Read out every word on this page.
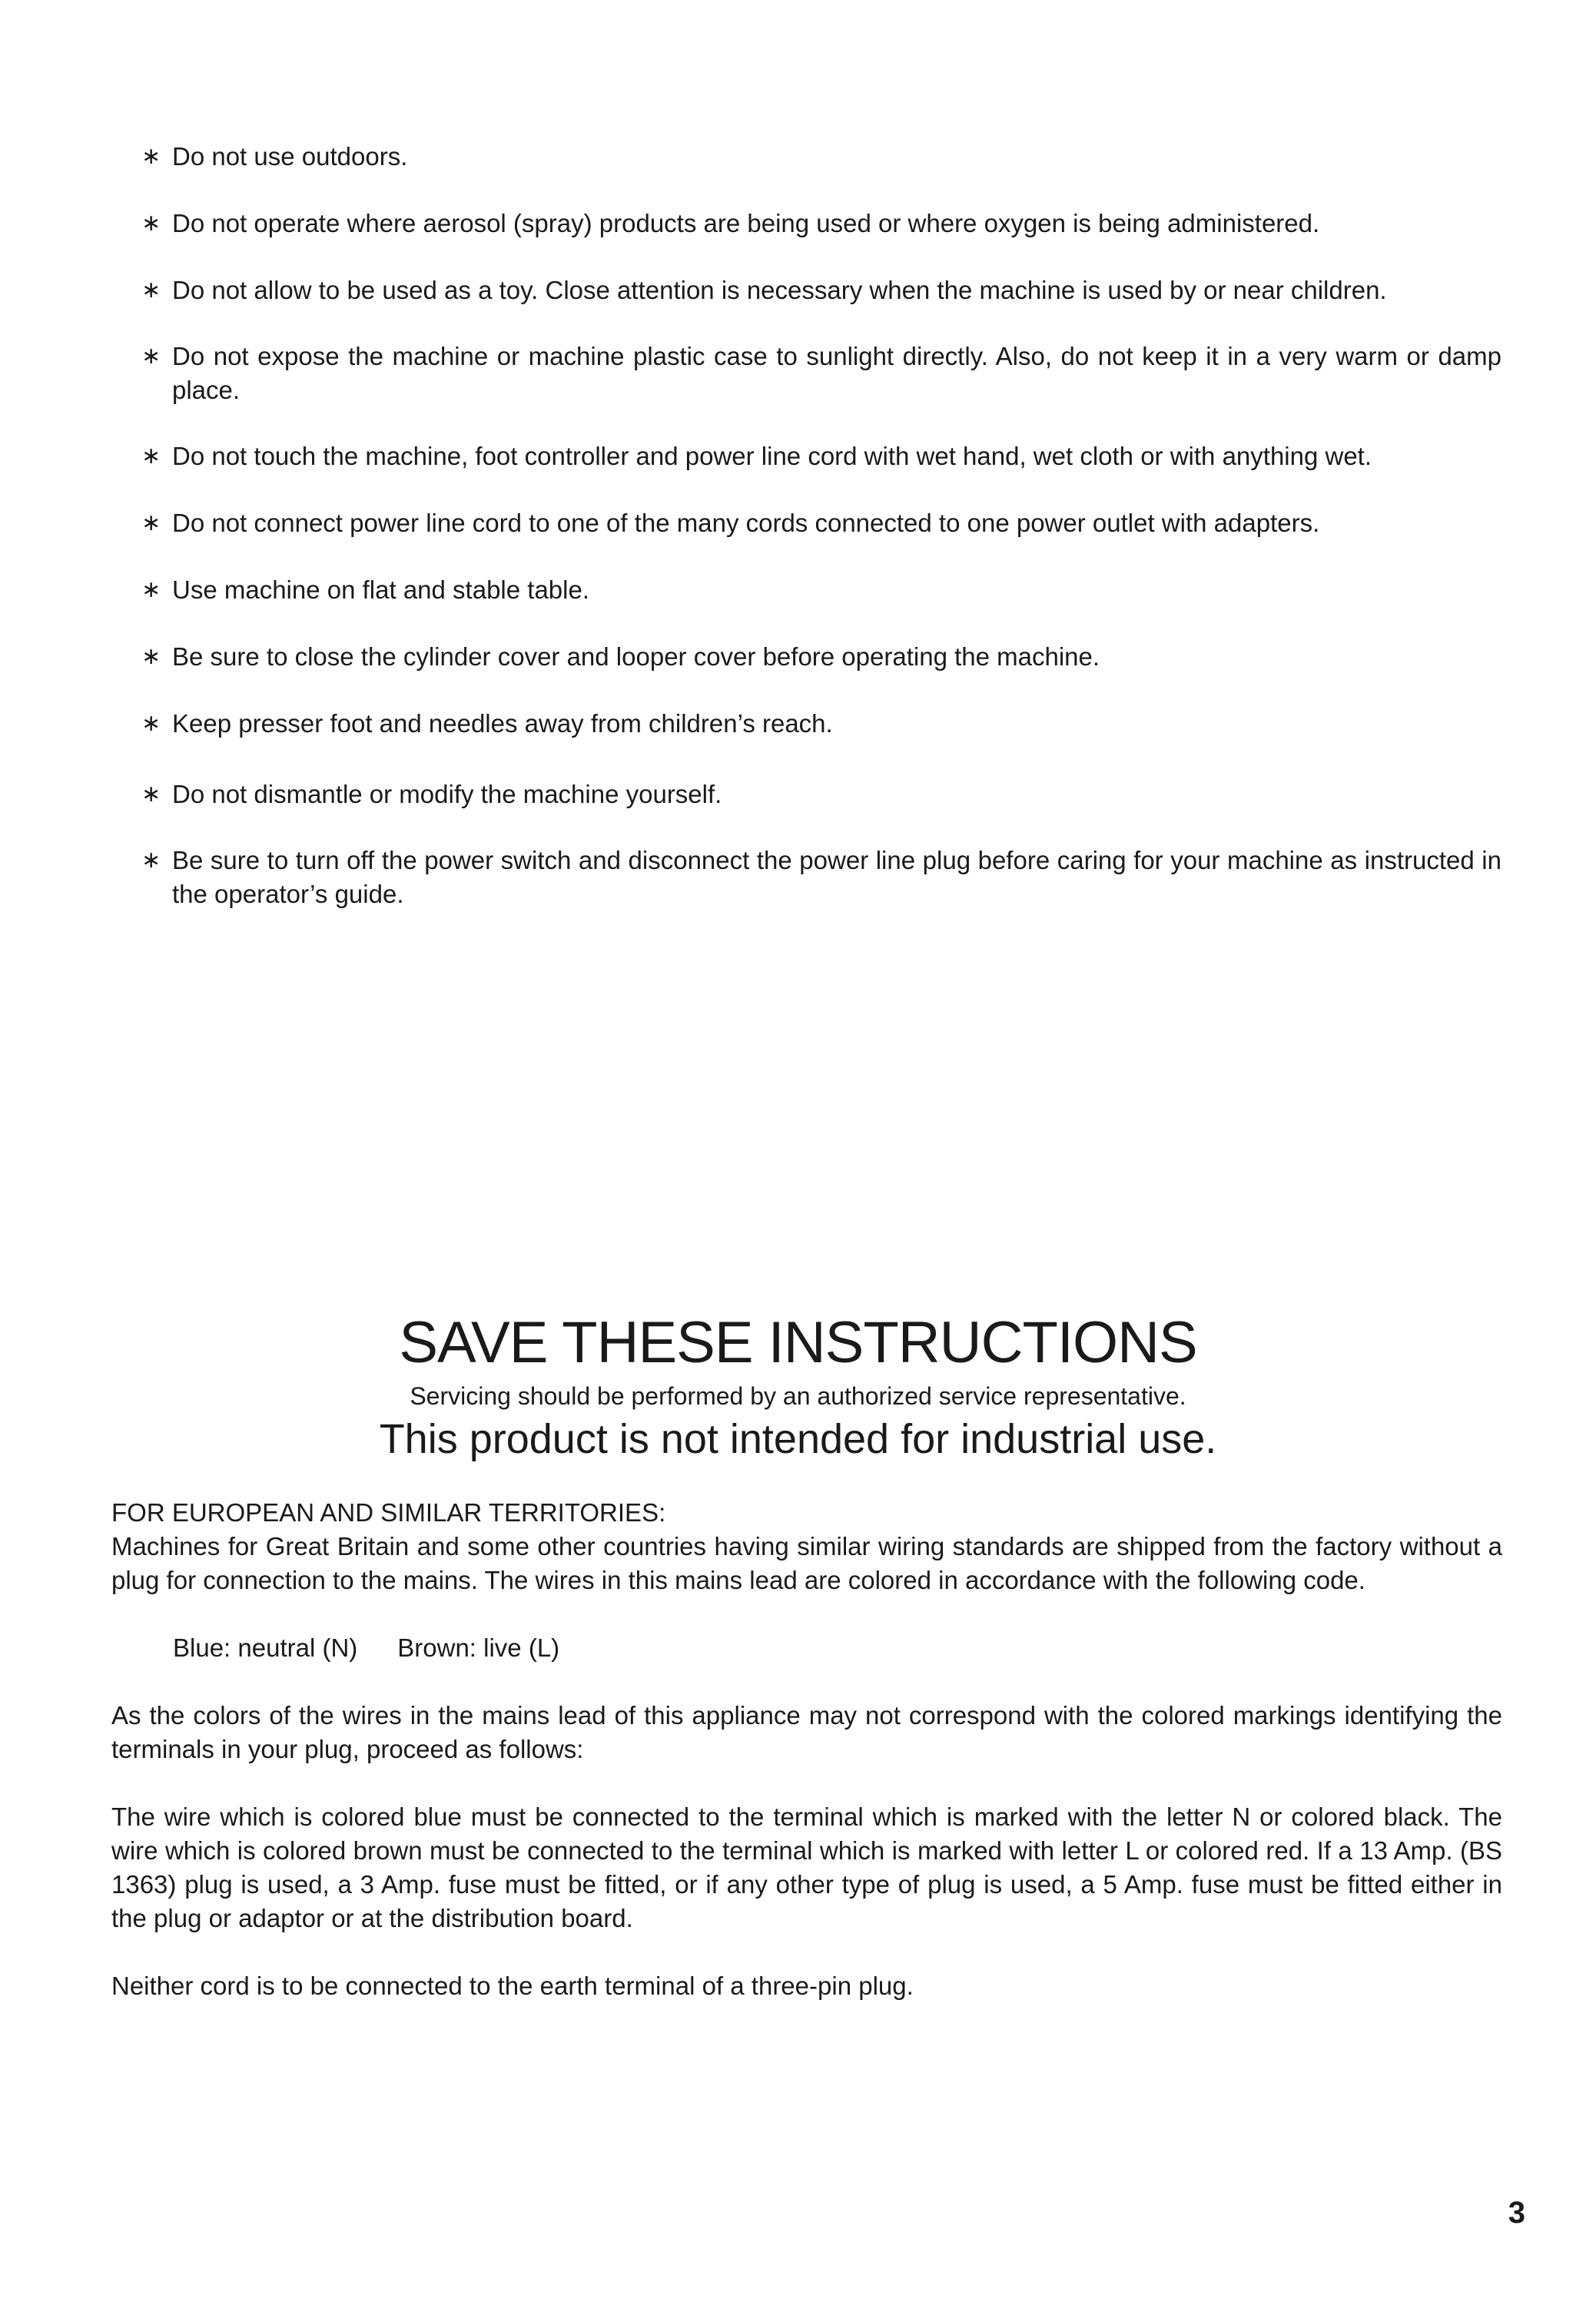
∗ Do not use outdoors.
∗ Do not operate where aerosol (spray) products are being used or where oxygen is being administered.
∗ Do not allow to be used as a toy. Close attention is necessary when the machine is used by or near children.
∗ Do not expose the machine or machine plastic case to sunlight directly. Also, do not keep it in a very warm or damp place.
∗ Do not touch the machine, foot controller and power line cord with wet hand, wet cloth or with anything wet.
∗ Do not connect power line cord to one of the many cords connected to one power outlet with adapters.
∗ Use machine on flat and stable table.
∗ Be sure to close the cylinder cover and looper cover before operating the machine.
∗ Keep presser foot and needles away from children’s reach.
∗ Do not dismantle or modify the machine yourself.
∗ Be sure to turn off the power switch and disconnect the power line plug before caring for your machine as instructed in the operator’s guide.
SAVE THESE INSTRUCTIONS

Servicing should be performed by an authorized service representative.

This product is not intended for industrial use.

FOR EUROPEAN AND SIMILAR TERRITORIES:

Machines for Great Britain and some other countries having similar wiring standards are shipped from the factory without a plug for connection to the mains. The wires in this mains lead are colored in accordance with the following code.

Blue: neutral (N) Brown: live (L)

As the colors of the wires in the mains lead of this appliance may not correspond with the colored markings identifying the terminals in your plug, proceed as follows:

The wire which is colored blue must be connected to the terminal which is marked with the letter N or colored black. The wire which is colored brown must be connected to the terminal which is marked with letter L or colored red. If a 13 Amp. (BS 1363) plug is used, a 3 Amp. fuse must be fitted, or if any other type of plug is used, a 5 Amp. fuse must be fitted either in the plug or adaptor or at the distribution board.

Neither cord is to be connected to the earth terminal of a three-pin plug.

3
